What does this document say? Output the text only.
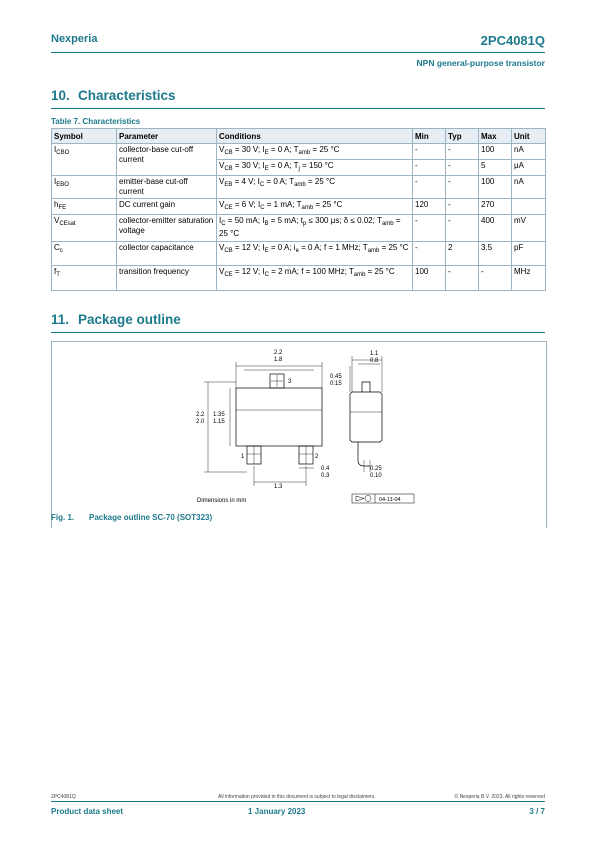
Nexperia	2PC4081Q
NPN general-purpose transistor
10. Characteristics
Table 7. Characteristics
Symbol	Parameter	Conditions	Min	Typ	Max	Unit
$I_{CBO}$	collector-base cut-off current	$V_{CB} = 30$ V; $I_E = 0$ A; $T_{amb} = 25$ °C	-	-	100	nA
		$V_{CB} = 30$ V; $I_E = 0$ A; $T_j = 150$ °C	-	-	5	μA
$I_{EBO}$	emitter-base cut-off current	$V_{EB} = 4$ V; $I_C = 0$ A; $T_{amb} = 25$ °C	-	-	100	nA
$h_{FE}$	DC current gain	$V_{CE} = 6$ V; $I_C = 1$ mA; $T_{amb} = 25$ °C	120	-	270	
$V_{CEsat}$	collector-emitter saturation voltage	$I_C = 50$ mA; $I_B = 5$ mA; $t_p \le 300$ μs; δ ≤ 0.02; $T_{amb} = 25$ °C	-	-	400	mV
$C_c$	collector capacitance	$V_{CB} = 12$ V; $I_E = 0$ A; $i_e = 0$ A; f = 1 MHz; $T_{amb} = 25$ °C	-	2	3.5	pF
$f_T$	transition frequency	$V_{CE} = 12$ V; $I_C = 2$ mA; f = 100 MHz; $T_{amb} = 25$ °C	100	-	-	MHz
11. Package outline
2.2
1.8
1.1
0.8
0.45
0.15
2.2
2.0
1.35
1.15
0.4
0.3
0.25
0.10
1.3
3
1	2
Dimensions in mm	04-11-04
Fig. 1. Package outline SC-70 (SOT323)
2PC4081Q	All information provided in this document is subject to legal disclaimers.	© Nexperia B.V. 2023. All rights reserved
Product data sheet	1 January 2023	3 / 7
